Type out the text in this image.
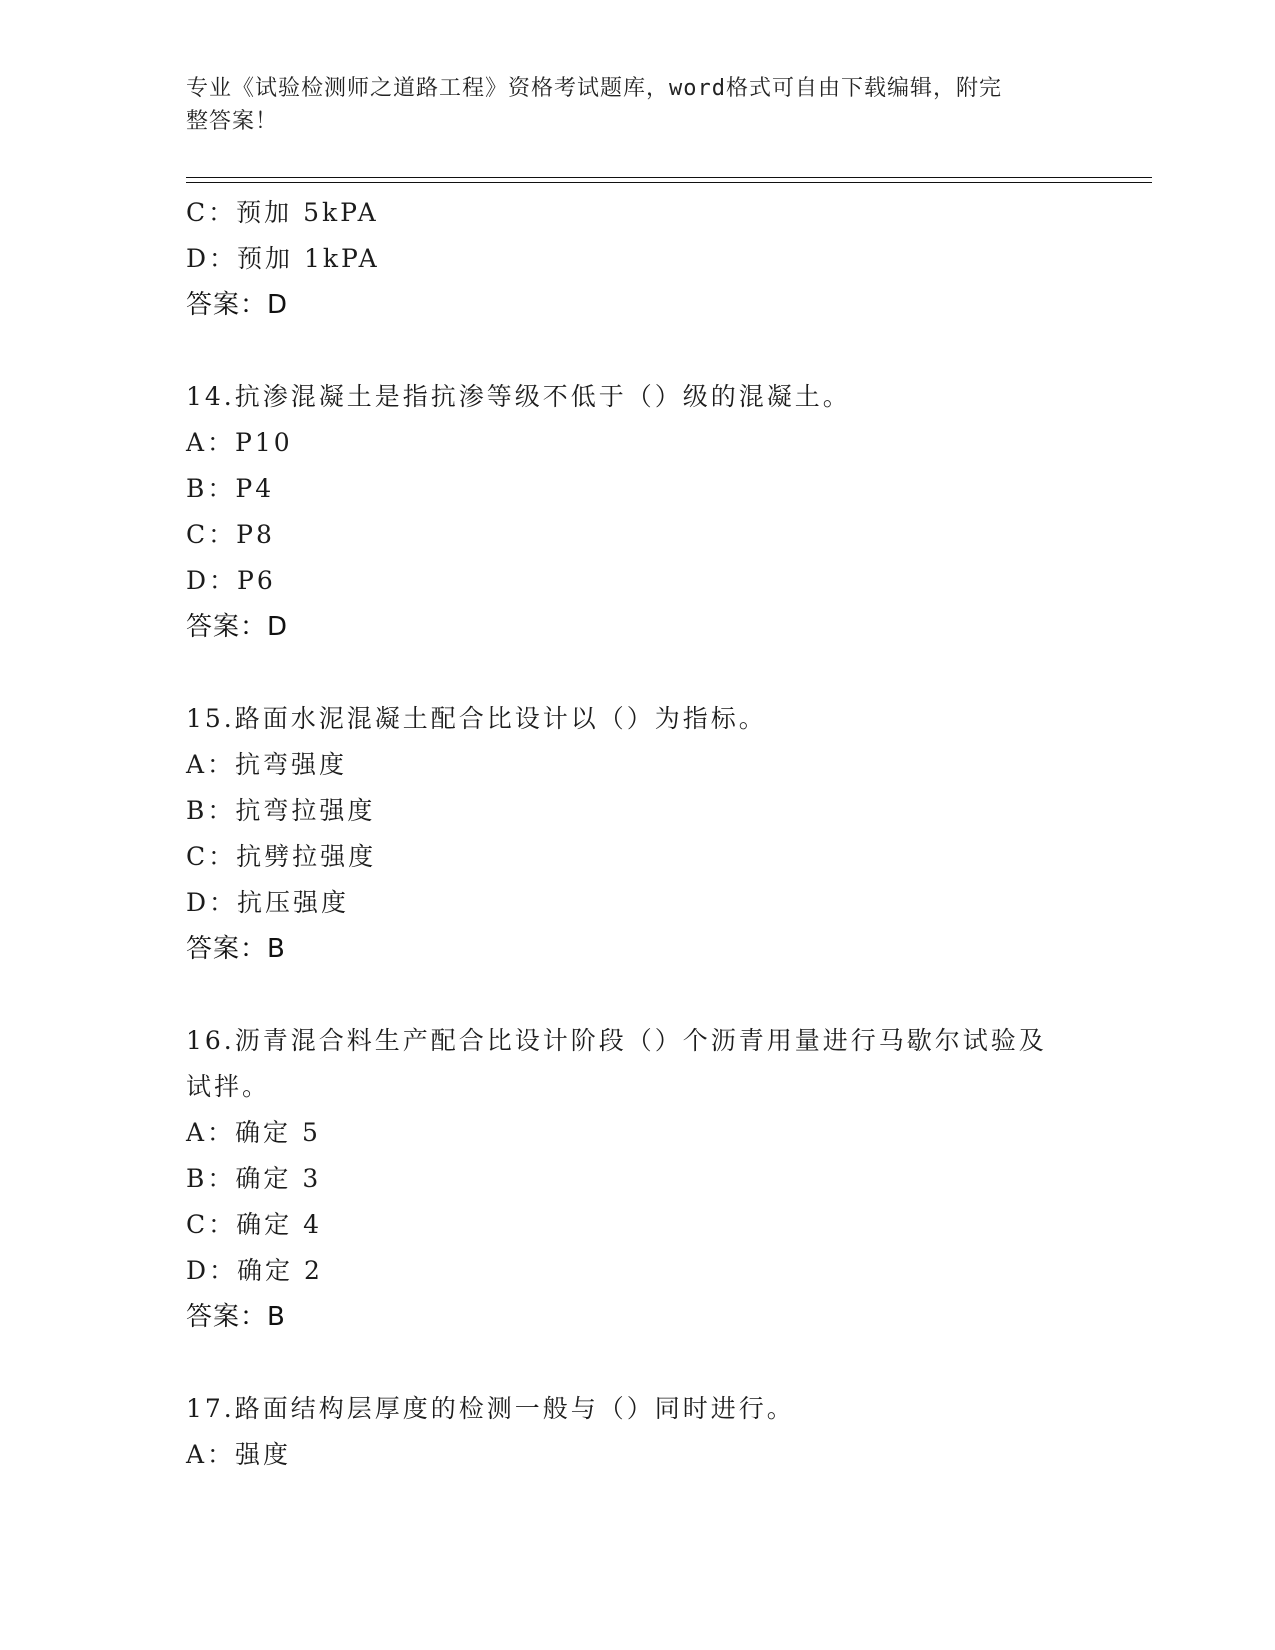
专业《试验检测师之道路工程》资格考试题库，word格式可自由下载编辑，附完
整答案！
C：预加 5kPA
D：预加 1kPA
答案：D
14.抗渗混凝土是指抗渗等级不低于（）级的混凝土。
A：P10
B：P4
C：P8
D：P6
答案：D
15.路面水泥混凝土配合比设计以（）为指标。
A：抗弯强度
B：抗弯拉强度
C：抗劈拉强度
D：抗压强度
答案：B
16.沥青混合料生产配合比设计阶段（）个沥青用量进行马歇尔试验及
试拌。
A：确定 5
B：确定 3
C：确定 4
D：确定 2
答案：B
17.路面结构层厚度的检测一般与（）同时进行。
A：强度
